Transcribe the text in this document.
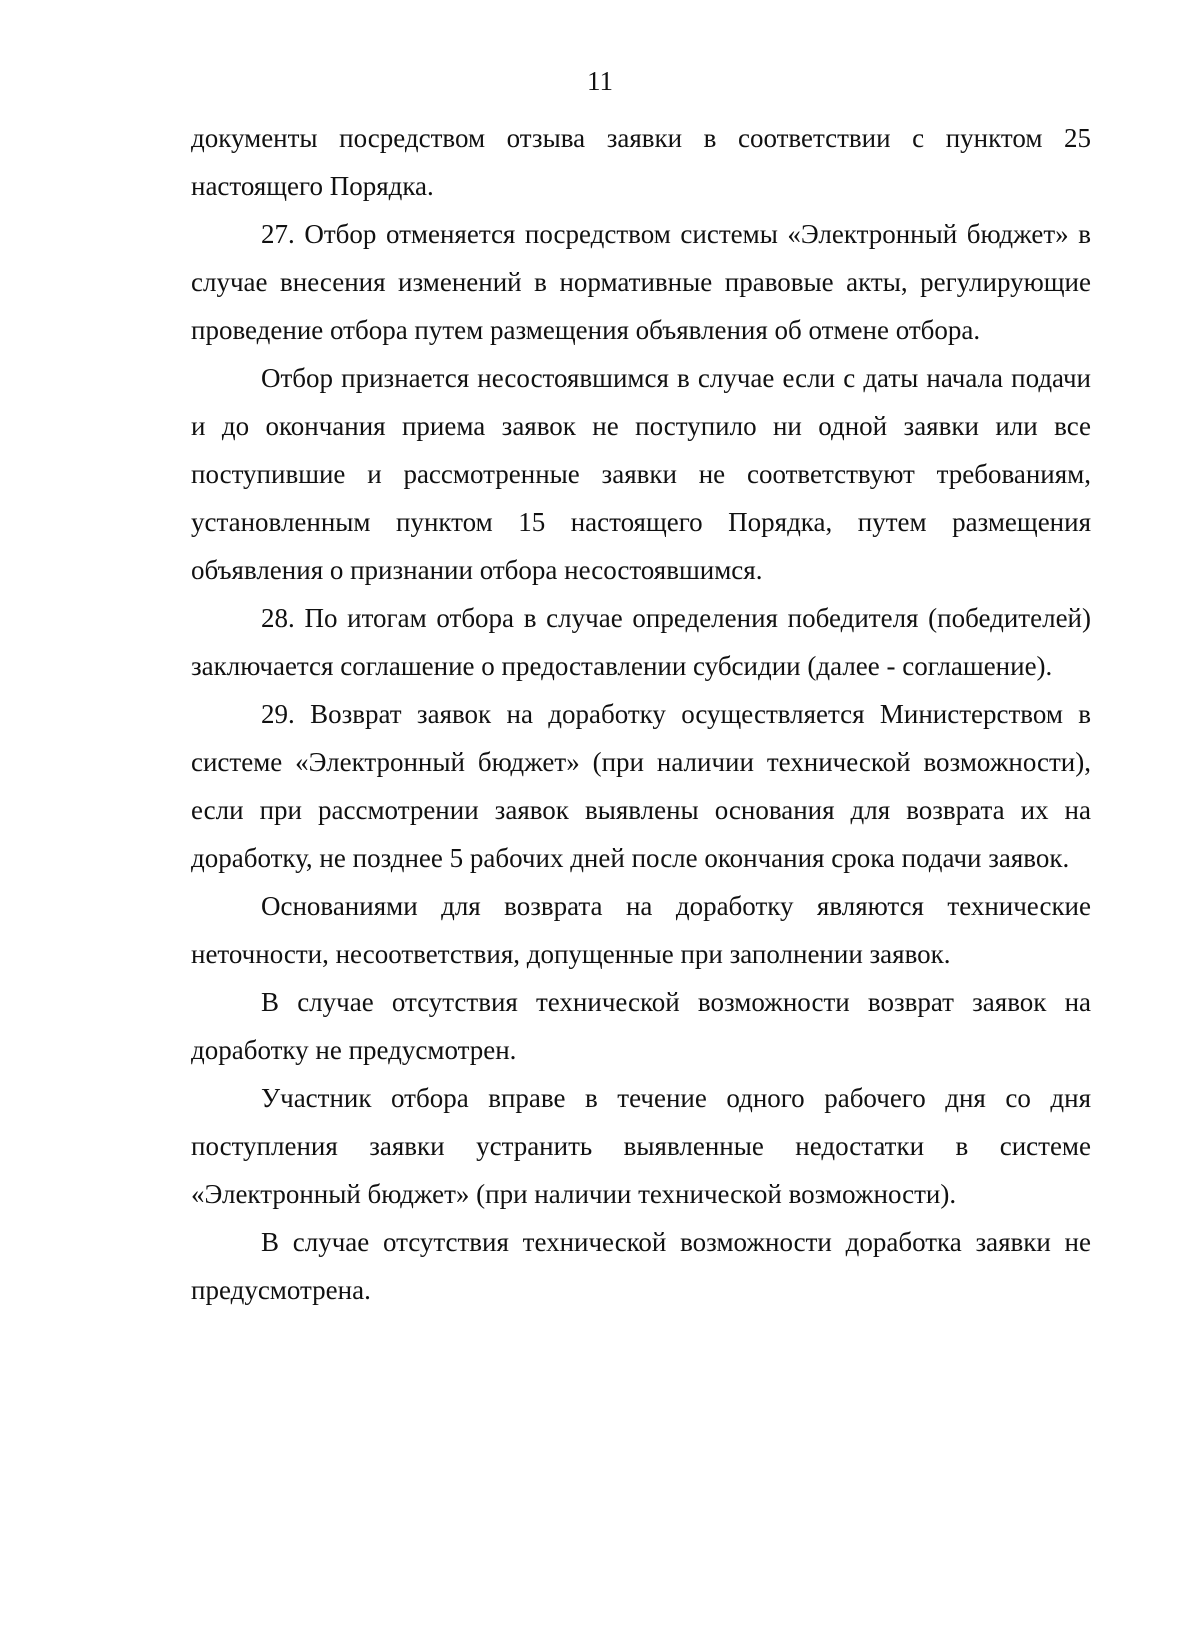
11

документы посредством отзыва заявки в соответствии с пунктом 25 настоящего Порядка.

27. Отбор отменяется посредством системы «Электронный бюджет» в случае внесения изменений в нормативные правовые акты, регулирующие проведение отбора путем размещения объявления об отмене отбора.

Отбор признается несостоявшимся в случае если с даты начала подачи и до окончания приема заявок не поступило ни одной заявки или все поступившие и рассмотренные заявки не соответствуют требованиям, установленным пунктом 15 настоящего Порядка, путем размещения объявления о признании отбора несостоявшимся.

28. По итогам отбора в случае определения победителя (победителей) заключается соглашение о предоставлении субсидии (далее - соглашение).

29. Возврат заявок на доработку осуществляется Министерством в системе «Электронный бюджет» (при наличии технической возможности), если при рассмотрении заявок выявлены основания для возврата их на доработку, не позднее 5 рабочих дней после окончания срока подачи заявок.

Основаниями для возврата на доработку являются технические неточности, несоответствия, допущенные при заполнении заявок.

В случае отсутствия технической возможности возврат заявок на доработку не предусмотрен.

Участник отбора вправе в течение одного рабочего дня со дня поступления заявки устранить выявленные недостатки в системе «Электронный бюджет» (при наличии технической возможности).

В случае отсутствия технической возможности доработка заявки не предусмотрена.
